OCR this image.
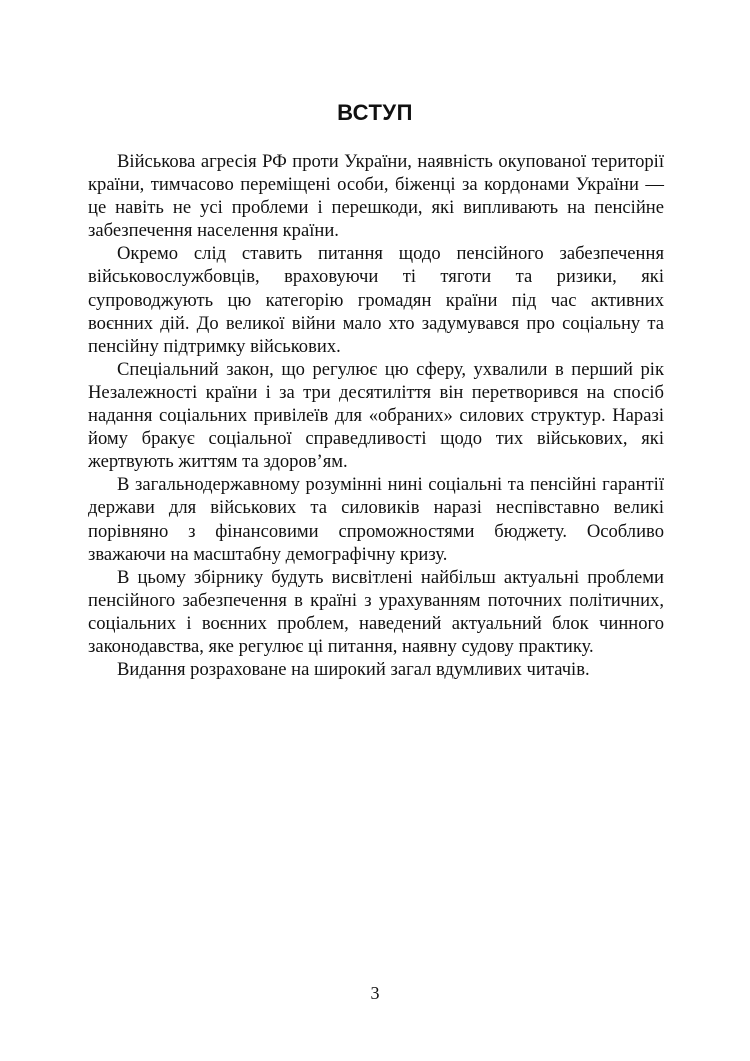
ВСТУП

Військова агресія РФ проти України, наявність окупованої території країни, тимчасово переміщені особи, біженці за кордонами України — це навіть не усі проблеми і перешкоди, які випливають на пенсійне забезпечення населення країни.

Окремо слід ставить питання щодо пенсійного забезпечення військовослужбовців, враховуючи ті тяготи та ризики, які супроводжують цю категорію громадян країни під час активних воєнних дій. До великої війни мало хто задумувався про соціальну та пенсійну підтримку військових.

Спеціальний закон, що регулює цю сферу, ухвалили в перший рік Незалежності країни і за три десятиліття він перетворився на спосіб надання соціальних привілеїв для «обраних» силових структур. Наразі йому бракує соціальної справедливості щодо тих військових, які жертвують життям та здоров’ям.

В загальнодержавному розумінні нині соціальні та пенсійні гарантії держави для військових та силовиків наразі неспівставно великі порівняно з фінансовими спроможностями бюджету. Особливо зважаючи на масштабну демографічну кризу.

В цьому збірнику будуть висвітлені найбільш актуальні проблеми пенсійного забезпечення в країні з урахуванням поточних політичних, соціальних і воєнних проблем, наведений актуальний блок чинного законодавства, яке регулює ці питання, наявну судову практику.

Видання розраховане на широкий загал вдумливих читачів.

3
